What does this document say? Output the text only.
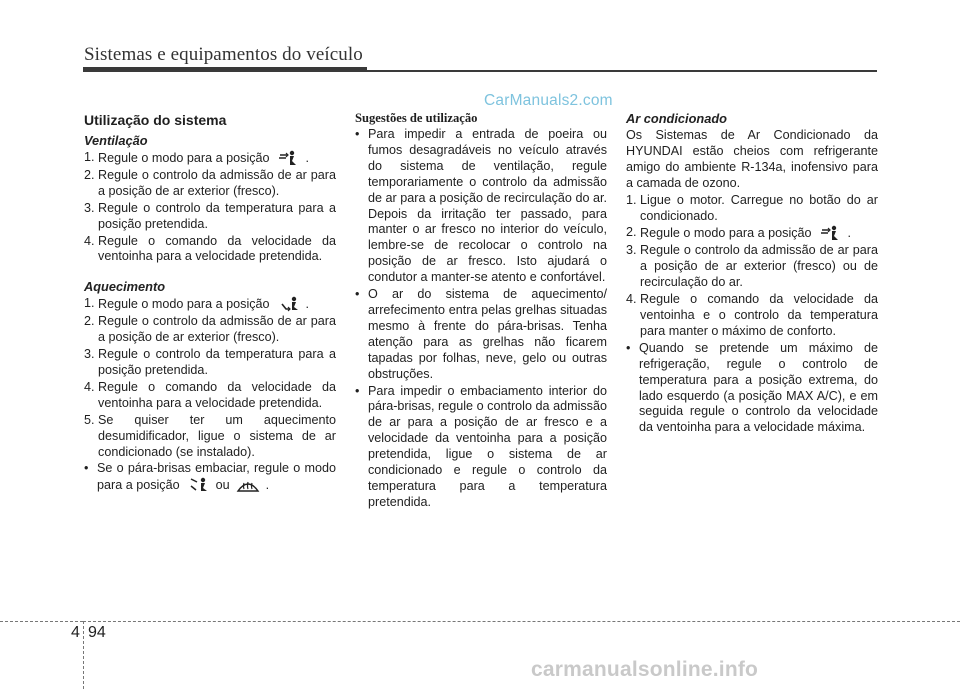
Sistemas e equipamentos do veículo
CarManuals2.com
Utilização do sistema
Ventilação
1. Regule o modo para a posição	.
2. Regule o controlo da admissão de ar para a posição de ar exterior (fresco).
3. Regule o controlo da temperatura para a posição pretendida.
4. Regule o comando da velocidade da ventoinha para a velocidade pretendida.
Aquecimento
1. Regule o modo para a posição	.
2. Regule o controlo da admissão de ar para a posição de ar exterior (fresco).
3. Regule o controlo da temperatura para a posição pretendida.
4. Regule o comando da velocidade da ventoinha para a velocidade pretendida.
5. Se quiser ter um aquecimento desumidificador, ligue o sistema de ar condicionado (se instalado).
• Se o pára-brisas embaciar, regule o modo para a posição	ou	.
Sugestões de utilização
• Para impedir a entrada de poeira ou fumos desagradáveis no veículo através do sistema de ventilação, regule temporariamente o controlo da admissão de ar para a posição de recirculação do ar. Depois da irritação ter passado, para manter o ar fresco no interior do veículo, lembre-se de recolocar o controlo na posição de ar fresco. Isto ajudará o condutor a manter-se atento e confortável.
• O ar do sistema de aquecimento/ arrefecimento entra pelas grelhas situadas mesmo à frente do pára-brisas. Tenha atenção para as grelhas não ficarem tapadas por folhas, neve, gelo ou outras obstruções.
• Para impedir o embaciamento interior do pára-brisas, regule o controlo da admissão de ar para a posição de ar fresco e a velocidade da ventoinha para a posição pretendida, ligue o sistema de ar condicionado e regule o controlo da temperatura para a temperatura pretendida.
Ar condicionado
Os Sistemas de Ar Condicionado da HYUNDAI estão cheios com refrigerante amigo do ambiente R-134a, inofensivo para a camada de ozono.
1. Ligue o motor. Carregue no botão do ar condicionado.
2. Regule o modo para a posição	.
3. Regule o controlo da admissão de ar para a posição de ar exterior (fresco) ou de recirculação do ar.
4. Regule o comando da velocidade da ventoinha e o controlo da temperatura para manter o máximo de conforto.
• Quando se pretende um máximo de refrigeração, regule o controlo de temperatura para a posição extrema, do lado esquerdo (a posição MAX A/C), e em seguida regule o controlo da velocidade da ventoinha para a velocidade máxima.
4 94
carmanualsonline.info
